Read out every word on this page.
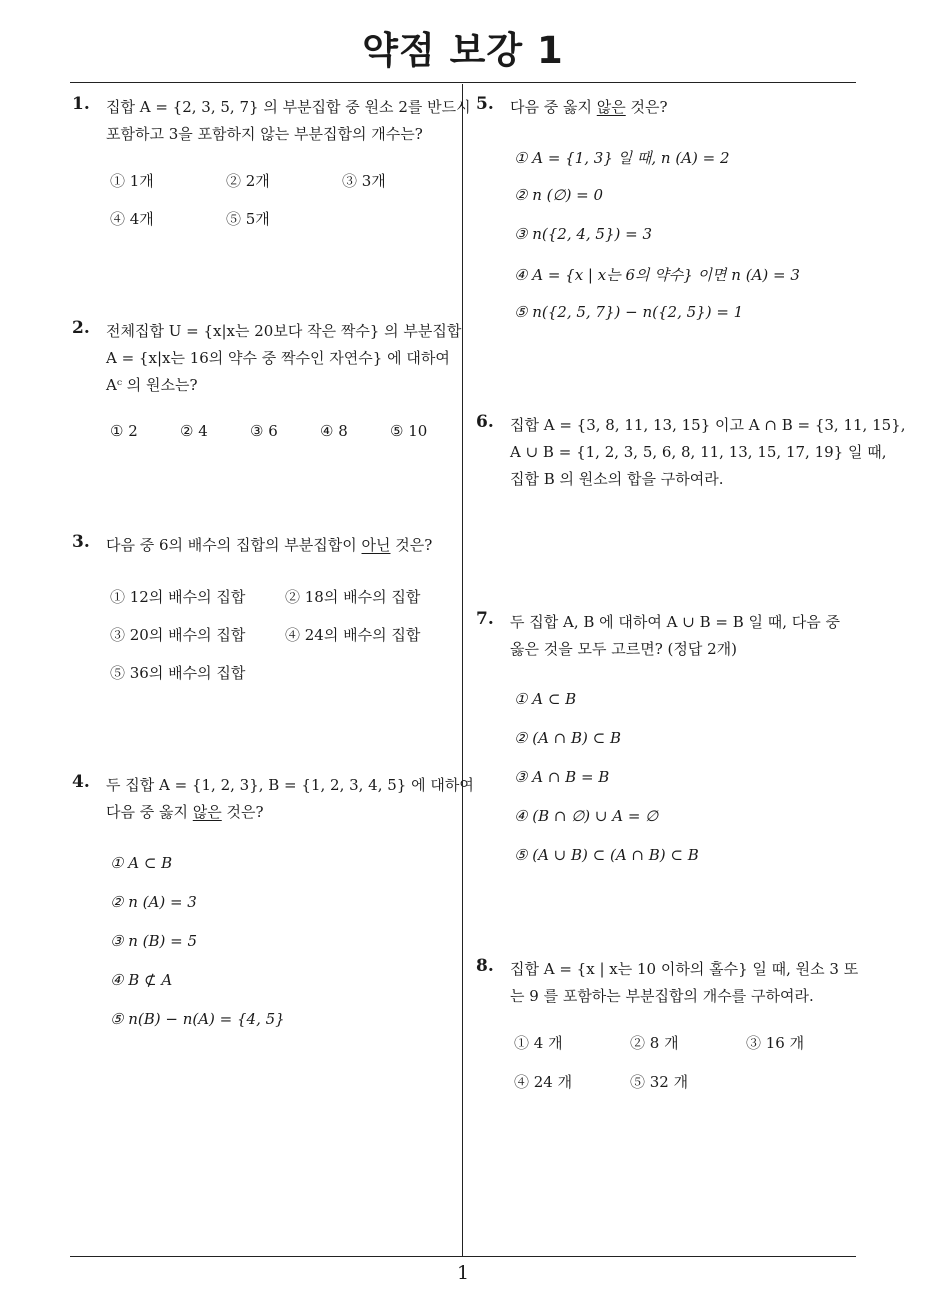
약점 보강 1
1
1. 집합 A = {2, 3, 5, 7} 의 부분집합 중 원소 2를 반드시
포함하고 3을 포함하지 않는 부분집합의 개수는?
① 1개	② 2개	③ 3개
④ 4개	⑤ 5개
2. 전체집합 U = {x|x는 20보다 작은 짝수} 의 부분집합
A = {x|x는 16의 약수 중 짝수인 자연수} 에 대하여
Aᶜ 의 원소는?
① 2	② 4	③ 6	④ 8	⑤ 10
3. 다음 중 6의 배수의 집합의 부분집합이 아닌 것은?
① 12의 배수의 집합	② 18의 배수의 집합
③ 20의 배수의 집합	④ 24의 배수의 집합
⑤ 36의 배수의 집합
4. 두 집합 A = {1, 2, 3}, B = {1, 2, 3, 4, 5} 에 대하여
다음 중 옳지 않은 것은?
① A ⊂ B
② n (A) = 3
③ n (B) = 5
④ B ⊄ A
⑤ n(B) − n(A) = {4, 5}
5. 다음 중 옳지 않은 것은?
① A = {1, 3} 일 때, n (A) = 2
② n (∅) = 0
③ n({2, 4, 5}) = 3
④ A = {x | x는 6의 약수} 이면 n (A) = 3
⑤ n({2, 5, 7}) − n({2, 5}) = 1
6. 집합 A = {3, 8, 11, 13, 15} 이고 A ∩ B = {3, 11, 15},
A ∪ B = {1, 2, 3, 5, 6, 8, 11, 13, 15, 17, 19} 일 때,
집합 B 의 원소의 합을 구하여라.
7. 두 집합 A, B 에 대하여 A ∪ B = B 일 때, 다음 중
옳은 것을 모두 고르면? (정답 2개)
① A ⊂ B
② (A ∩ B) ⊂ B
③ A ∩ B = B
④ (B ∩ ∅) ∪ A = ∅
⑤ (A ∪ B) ⊂ (A ∩ B) ⊂ B
8. 집합 A = {x | x는 10 이하의 홀수} 일 때, 원소 3 또
는 9 를 포함하는 부분집합의 개수를 구하여라.
① 4 개	② 8 개	③ 16 개
④ 24 개	⑤ 32 개
